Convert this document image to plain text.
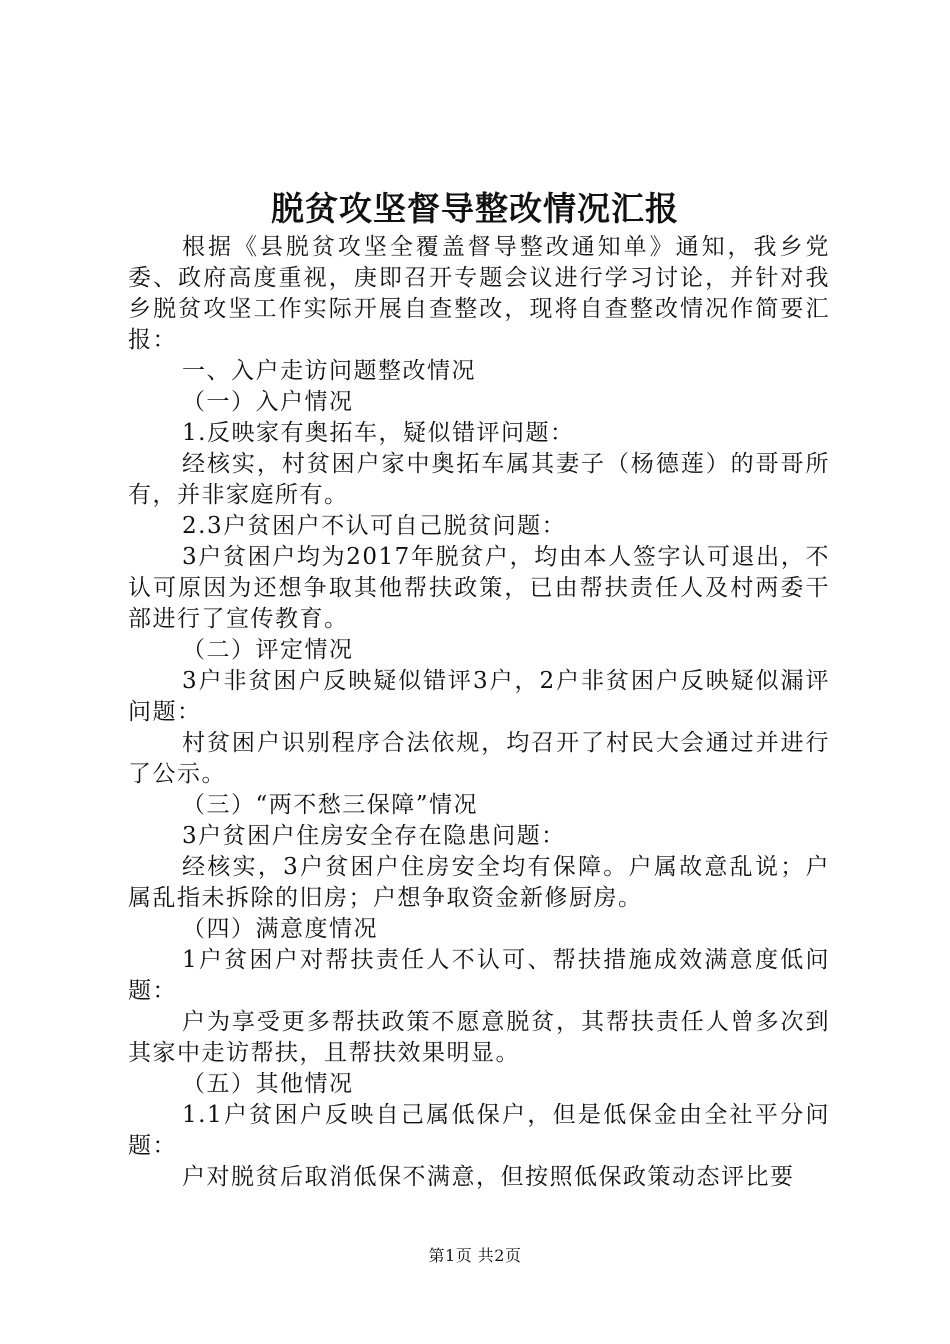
脱贫攻坚督导整改情况汇报

根据《县脱贫攻坚全覆盖督导整改通知单》通知，我乡党委、政府高度重视，庚即召开专题会议进行学习讨论，并针对我乡脱贫攻坚工作实际开展自查整改，现将自查整改情况作简要汇报：

一、入户走访问题整改情况

（一）入户情况

1.反映家有奥拓车，疑似错评问题：

经核实，村贫困户家中奥拓车属其妻子（杨德莲）的哥哥所有，并非家庭所有。

2.3户贫困户不认可自己脱贫问题：

3户贫困户均为2017年脱贫户，均由本人签字认可退出，不认可原因为还想争取其他帮扶政策，已由帮扶责任人及村两委干部进行了宣传教育。

（二）评定情况

3户非贫困户反映疑似错评3户，2户非贫困户反映疑似漏评问题：

村贫困户识别程序合法依规，均召开了村民大会通过并进行了公示。

（三）“两不愁三保障”情况

3户贫困户住房安全存在隐患问题：

经核实，3户贫困户住房安全均有保障。户属故意乱说；户属乱指未拆除的旧房；户想争取资金新修厨房。

（四）满意度情况

1户贫困户对帮扶责任人不认可、帮扶措施成效满意度低问题：

户为享受更多帮扶政策不愿意脱贫，其帮扶责任人曾多次到其家中走访帮扶，且帮扶效果明显。

（五）其他情况

1.1户贫困户反映自己属低保户，但是低保金由全社平分问题：

户对脱贫后取消低保不满意，但按照低保政策动态评比要

第1页 共2页
